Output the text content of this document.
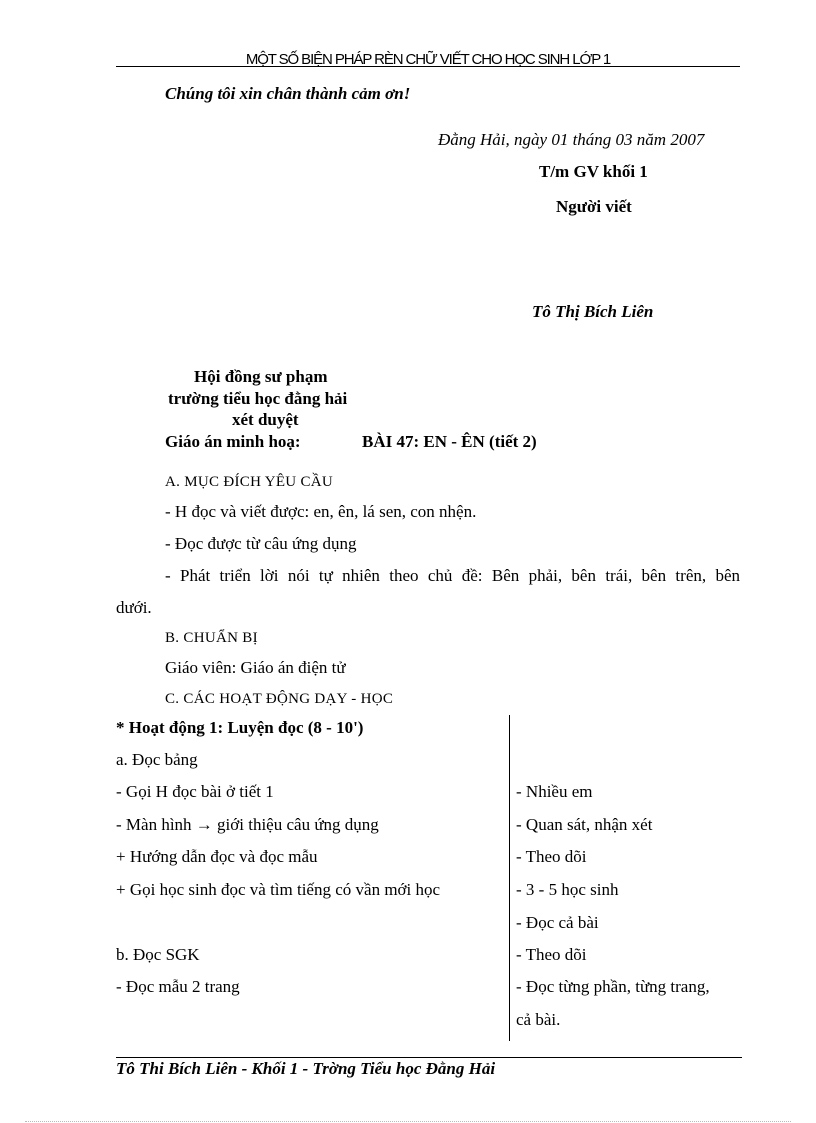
MỘT SỐ BIỆN PHÁP RÈN CHỮ VIẾT CHO HỌC SINH LỚP 1
Chúng tôi xin chân thành cảm ơn!
Đằng Hải, ngày 01 tháng 03 năm 2007
T/m GV khối 1
Người viết
Tô Thị Bích Liên
Hội đồng sư phạm
trường tiểu học đằng hải
xét duyệt
Giáo án minh hoạ:	BÀI 47: EN - ÊN (tiết 2)
A. MỤC ĐÍCH YÊU CẦU
- H đọc và viết được: en, ên, lá sen, con nhện.
- Đọc được từ câu ứng dụng
- Phát triển lời nói tự nhiên theo chủ đề: Bên phải, bên trái, bên trên, bên
dưới.
B. CHUẨN BỊ
Giáo viên: Giáo án điện tử
C. CÁC HOẠT ĐỘNG DẠY - HỌC
* Hoạt động 1: Luyện đọc (8 - 10')
a. Đọc bảng
- Gọi H đọc bài ở tiết 1
- Màn hình → giới thiệu câu ứng dụng
+ Hướng dẫn đọc và đọc mẫu
+ Gọi học sinh đọc và tìm tiếng có vần mới học
b. Đọc SGK
- Đọc mẫu 2 trang
- Nhiều em
- Quan sát, nhận xét
- Theo dõi
- 3 - 5 học sinh
- Đọc cả bài
- Theo dõi
- Đọc từng phần, từng trang,
cả bài.
Tô Thi Bích Liên - Khối 1 - Trờng Tiểu học Đằng Hải
